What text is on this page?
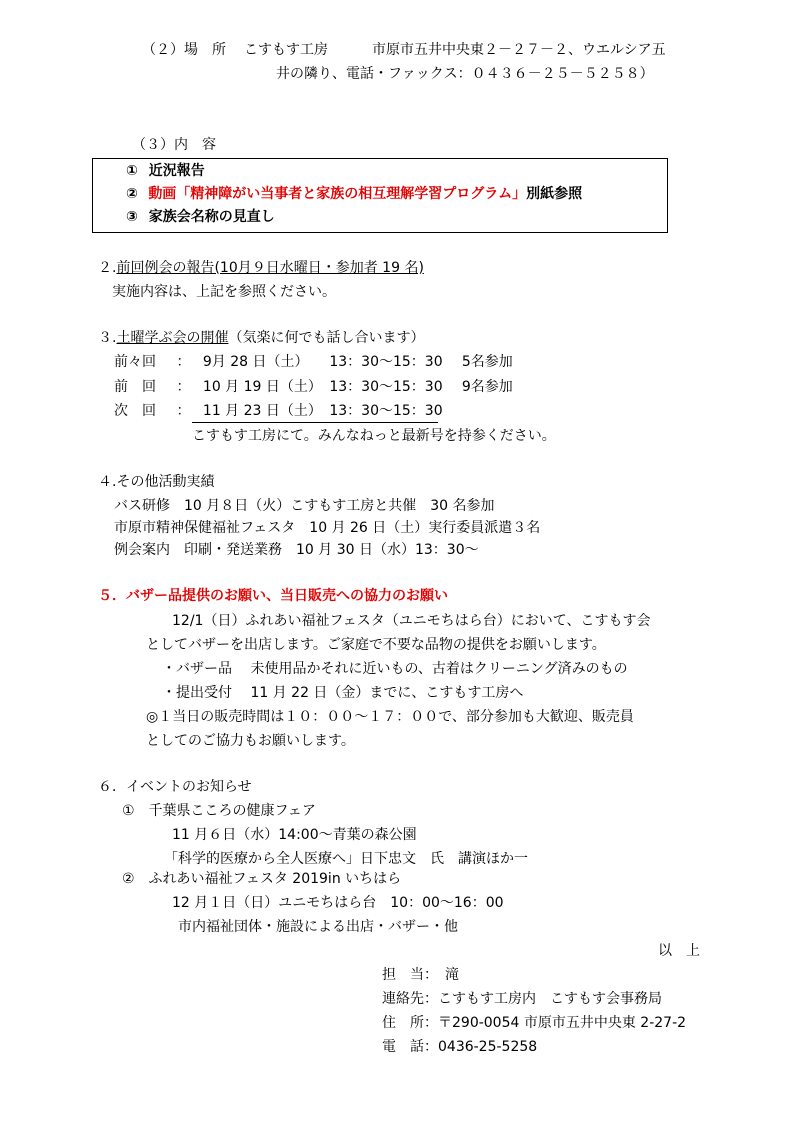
（２）場　所 こすもす工房	市原市五井中央東２－２７－２、ウエルシア五
井の隣り、電話・ファックス：０４３６－２５－５２５８）
（３）内　容
① 近況報告
② 動画「精神障がい当事者と家族の相互理解学習プログラム」別紙参照
③ 家族会名称の見直し
２.前回例会の報告(10月９日水曜日・参加者 19 名)
実施内容は、上記を参照ください。
３.土曜学ぶ会の開催（気楽に何でも話し合います）
前々回 ： 9月 28 日（土） 13：30～15：30 5名参加
前　回 ： 10 月 19 日（土） 13：30～15：30 9名参加
次　回 ： 11 月 23 日（土） 13：30～15：30
こすもす工房にて。みんなねっと最新号を持参ください。
４.その他活動実績
バス研修　10 月８日（火）こすもす工房と共催　30 名参加
市原市精神保健福祉フェスタ　10 月 26 日（土）実行委員派遣３名
例会案内　印刷・発送業務　10 月 30 日（水）13：30～
５．バザー品提供のお願い、当日販売への協力のお願い
12/1（日）ふれあい福祉フェスタ（ユニモちはら台）において、こすもす会
としてバザーを出店します。ご家庭で不要な品物の提供をお願いします。
・バザー品　 未使用品かそれに近いもの、古着はクリーニング済みのもの
・提出受付　 11 月 22 日（金）までに、こすもす工房へ
◎１当日の販売時間は１０：００～１７：００で、部分参加も大歓迎、販売員
としてのご協力もお願いします。
６．イベントのお知らせ
①　千葉県こころの健康フェア
11 月６日（水）14:00～青葉の森公園
「科学的医療から全人医療へ」日下忠文　氏　講演ほか一
②　ふれあい福祉フェスタ 2019in いちはら
12 月１日（日）ユニモちはら台　10：00～16：00
市内福祉団体・施設による出店・バザー・他
以　上
担　当：　滝
連絡先：こすもす工房内　こすもす会事務局
住　所：〒290-0054 市原市五井中央東 2-27-2
電　話：0436-25-5258
